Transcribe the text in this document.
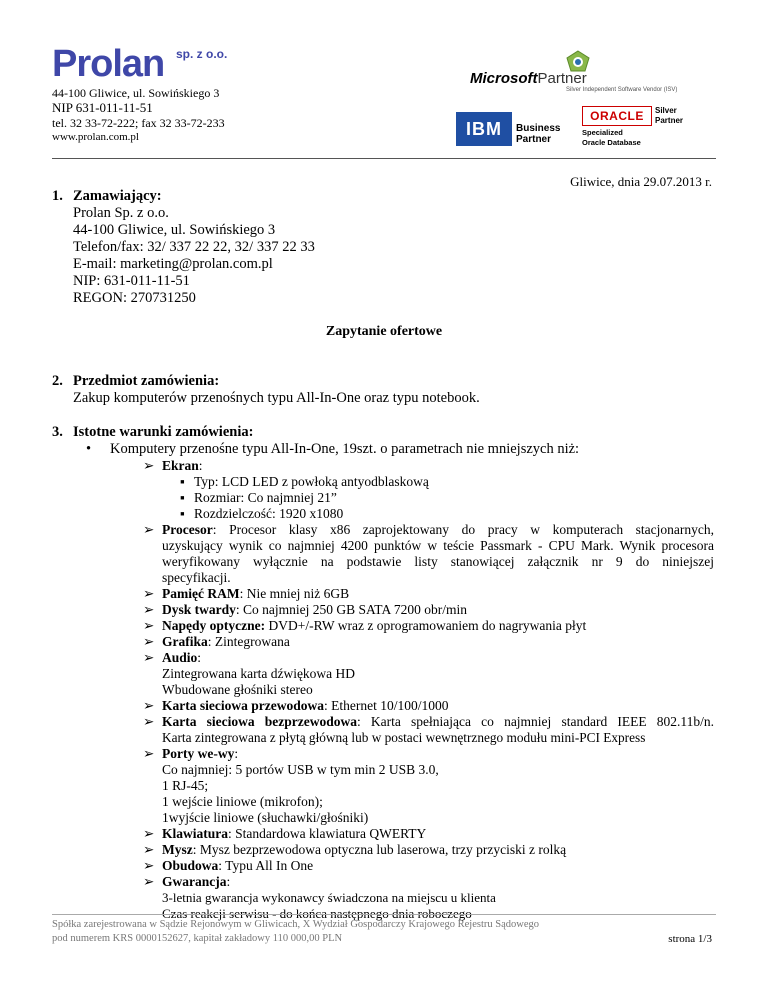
Prolan sp. z o.o.
44-100 Gliwice, ul. Sowińskiego 3
NIP 631-011-11-51
tel. 32 33-72-222; fax 32 33-72-233
www.prolan.com.pl
MicrosoftPartner
Silver Independent Software Vendor (ISV)
IBM	Business
Partner
ORACLE	Silver
Partner
Specialized
Oracle Database
Gliwice, dnia 29.07.2013 r.
1. Zamawiający:
Prolan Sp. z o.o.
44-100 Gliwice, ul. Sowińskiego 3
Telefon/fax: 32/ 337 22 22, 32/ 337 22 33
E-mail: marketing@prolan.com.pl
NIP: 631-011-11-51
REGON: 270731250
Zapytanie ofertowe
2. Przedmiot zamówienia:
Zakup komputerów przenośnych typu All-In-One oraz typu notebook.
3. Istotne warunki zamówienia:
• Komputery przenośne typu All-In-One, 19szt. o parametrach nie mniejszych niż:
➢ Ekran:
▪ Typ: LCD LED z powłoką antyodblaskową
▪ Rozmiar: Co najmniej 21”
▪ Rozdzielczość: 1920 x1080
➢ Procesor: Procesor klasy x86 zaprojektowany do pracy w komputerach stacjonarnych,
uzyskujący wynik co najmniej 4200 punktów w teście Passmark - CPU Mark. Wynik procesora
weryfikowany wyłącznie na podstawie listy stanowiącej załącznik nr 9 do niniejszej
specyfikacji.
➢ Pamięć RAM: Nie mniej niż 6GB
➢ Dysk twardy: Co najmniej 250 GB SATA 7200 obr/min
➢ Napędy optyczne: DVD+/-RW wraz z oprogramowaniem do nagrywania płyt
➢ Grafika: Zintegrowana
➢ Audio:
Zintegrowana karta dźwiękowa HD
Wbudowane głośniki stereo
➢ Karta sieciowa przewodowa: Ethernet 10/100/1000
➢ Karta sieciowa bezprzewodowa: Karta spełniająca co najmniej standard IEEE 802.11b/n.
Karta zintegrowana z płytą główną lub w postaci wewnętrznego modułu mini-PCI Express
➢ Porty we-wy:
Co najmniej: 5 portów USB w tym min 2 USB 3.0,
1 RJ-45;
1 wejście liniowe (mikrofon);
1wyjście liniowe (słuchawki/głośniki)
➢ Klawiatura: Standardowa klawiatura QWERTY
➢ Mysz: Mysz bezprzewodowa optyczna lub laserowa, trzy przyciski z rolką
➢ Obudowa: Typu All In One
➢ Gwarancja:
3-letnia gwarancja wykonawcy świadczona na miejscu u klienta
Czas reakcji serwisu - do końca następnego dnia roboczego
Spółka zarejestrowana w Sądzie Rejonowym w Gliwicach, X Wydział Gospodarczy Krajowego Rejestru Sądowego
pod numerem KRS 0000152627, kapitał zakładowy 110 000,00 PLN	strona 1/3
